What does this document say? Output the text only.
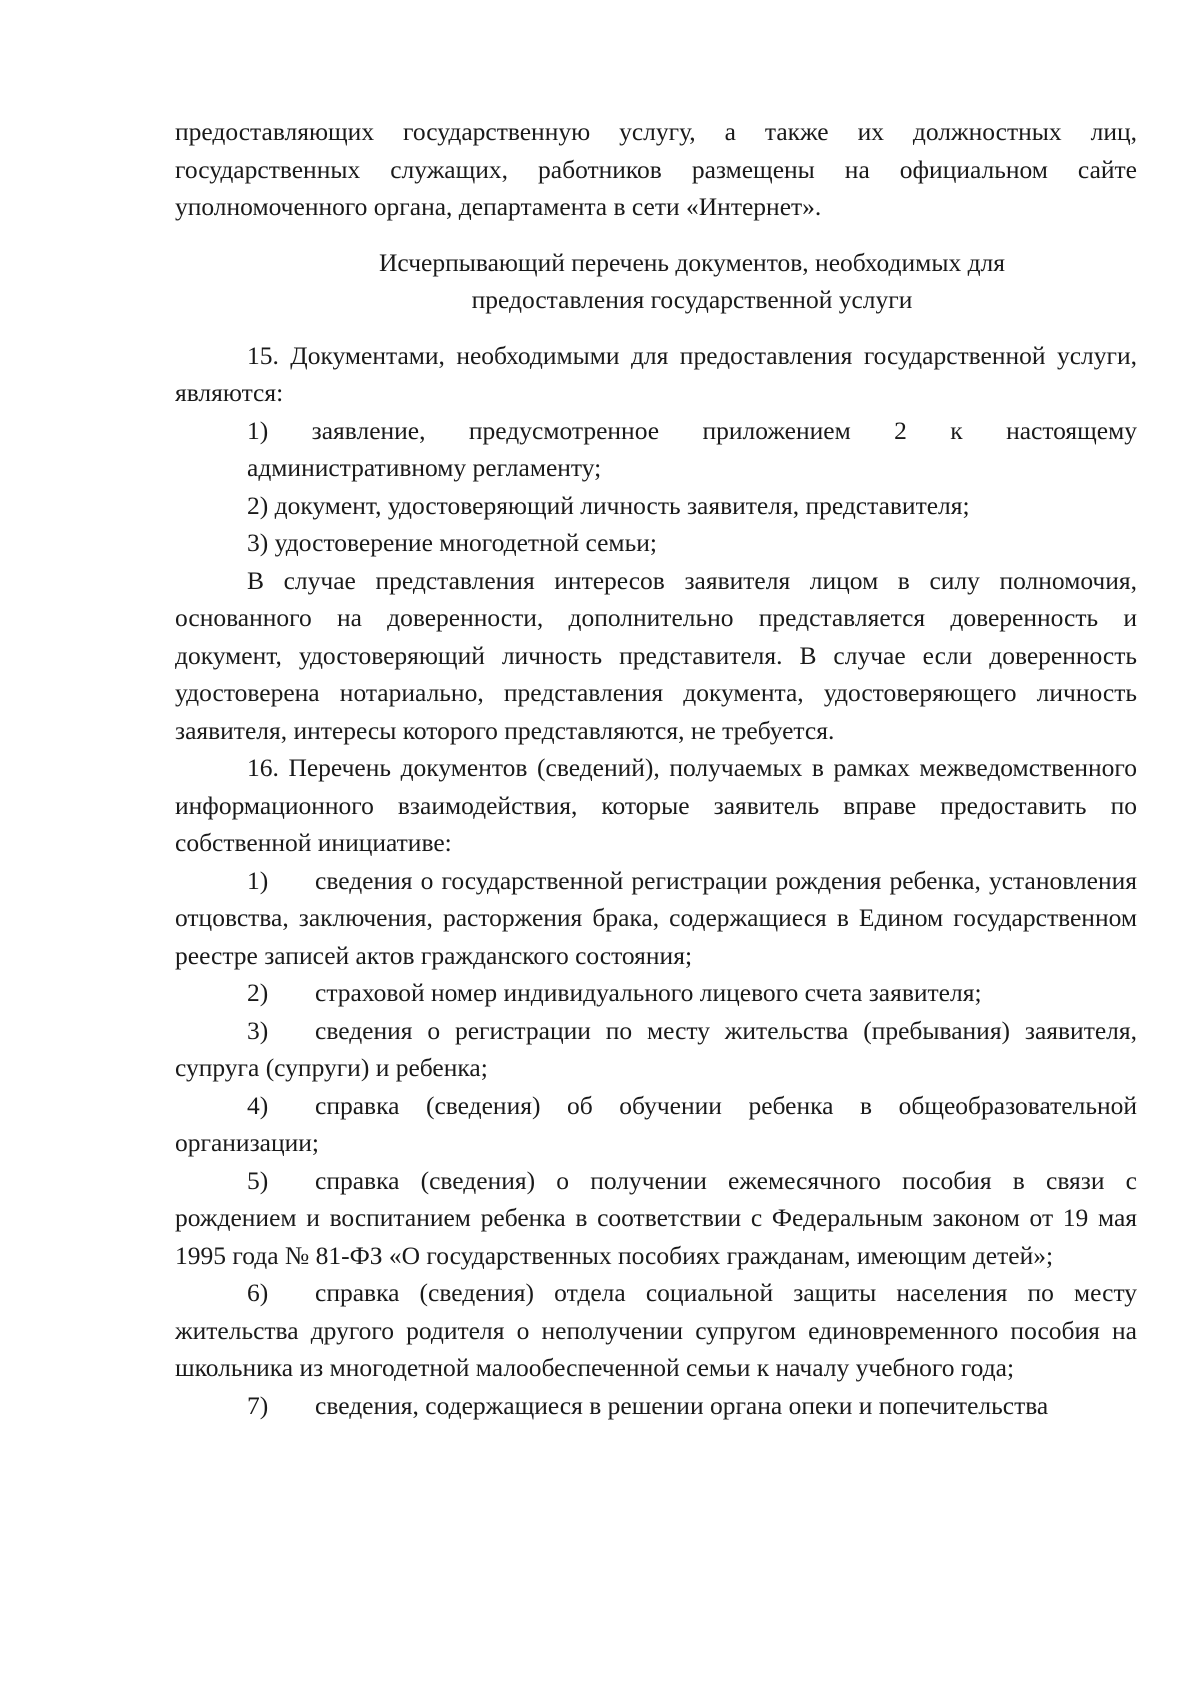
предоставляющих государственную услугу, а также их должностных лиц, государственных служащих, работников размещены на официальном сайте уполномоченного органа, департамента в сети «Интернет».

Исчерпывающий перечень документов, необходимых для

предоставления государственной услуги

15. Документами, необходимыми для предоставления государственной услуги, являются:

1) заявление, предусмотренное приложением 2 к настоящему административному регламенту;

2) документ, удостоверяющий личность заявителя, представителя;

3) удостоверение многодетной семьи;

В случае представления интересов заявителя лицом в силу полномочия, основанного на доверенности, дополнительно представляется доверенность и документ, удостоверяющий личность представителя. В случае если доверенность удостоверена нотариально, представления документа, удостоверяющего личность заявителя, интересы которого представляются, не требуется.

16. Перечень документов (сведений), получаемых в рамках межведомственного информационного взаимодействия, которые заявитель вправе предоставить по собственной инициативе:

1) сведения о государственной регистрации рождения ребенка, установления отцовства, заключения, расторжения брака, содержащиеся в Едином государственном реестре записей актов гражданского состояния;

2) страховой номер индивидуального лицевого счета заявителя;

3) сведения о регистрации по месту жительства (пребывания) заявителя, супруга (супруги) и ребенка;

4) справка (сведения) об обучении ребенка в общеобразовательной организации;

5) справка (сведения) о получении ежемесячного пособия в связи с рождением и воспитанием ребенка в соответствии с Федеральным законом от 19 мая 1995 года № 81-ФЗ «О государственных пособиях гражданам, имеющим детей»;

6) справка (сведения) отдела социальной защиты населения по месту жительства другого родителя о неполучении супругом единовременного пособия на школьника из многодетной малообеспеченной семьи к началу учебного года;

7) сведения, содержащиеся в решении органа опеки и попечительства
